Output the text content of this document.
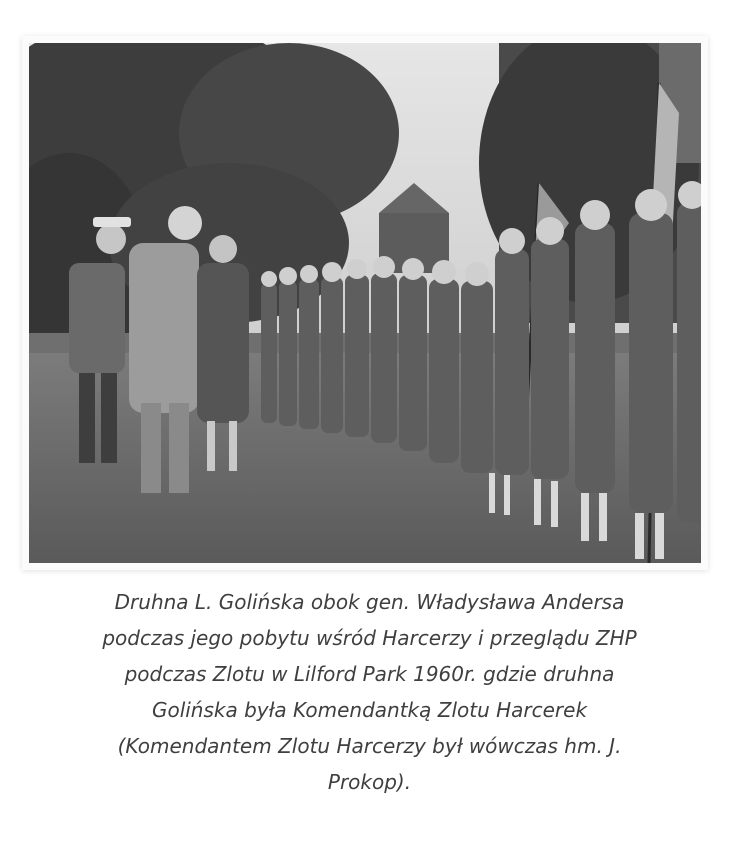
Druhna L. Golińska obok gen. Władysława Andersa
podczas jego pobytu wśród Harcerzy i przeglądu ZHP
podczas Zlotu w Lilford Park 1960r. gdzie druhna
Golińska była Komendantką Zlotu Harcerek
(Komendantem Zlotu Harcerzy był wówczas hm. J.
Prokop).
